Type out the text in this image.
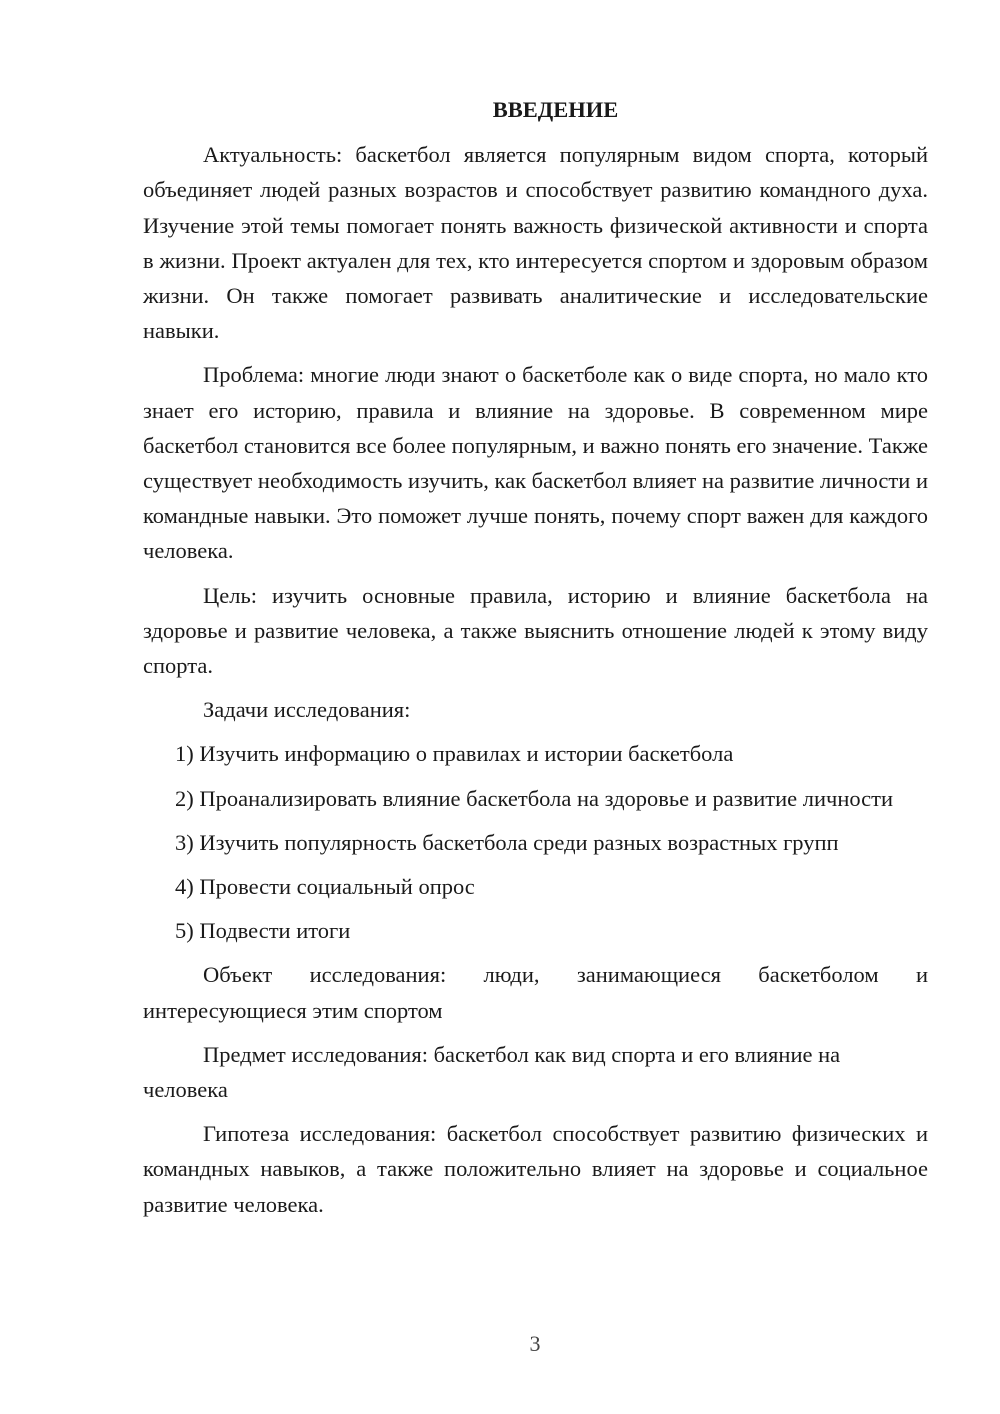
ВВЕДЕНИЕ

Актуальность: баскетбол является популярным видом спорта, который объединяет людей разных возрастов и способствует развитию командного духа. Изучение этой темы помогает понять важность физической активности и спорта в жизни. Проект актуален для тех, кто интересуется спортом и здоровым образом жизни. Он также помогает развивать аналитические и исследовательские навыки.

Проблема: многие люди знают о баскетболе как о виде спорта, но мало кто знает его историю, правила и влияние на здоровье. В современном мире баскетбол становится все более популярным, и важно понять его значение. Также существует необходимость изучить, как баскетбол влияет на развитие личности и командные навыки. Это поможет лучше понять, почему спорт важен для каждого человека.

Цель: изучить основные правила, историю и влияние баскетбола на здоровье и развитие человека, а также выяснить отношение людей к этому виду спорта.

Задачи исследования:

1) Изучить информацию о правилах и истории баскетбола

2) Проанализировать влияние баскетбола на здоровье и развитие личности

3) Изучить популярность баскетбола среди разных возрастных групп

4) Провести социальный опрос

5) Подвести итоги

Объект исследования: люди, занимающиеся баскетболом и интересующиеся этим спортом

Предмет исследования: баскетбол как вид спорта и его влияние на человека

Гипотеза исследования: баскетбол способствует развитию физических и командных навыков, а также положительно влияет на здоровье и социальное развитие человека.

3
